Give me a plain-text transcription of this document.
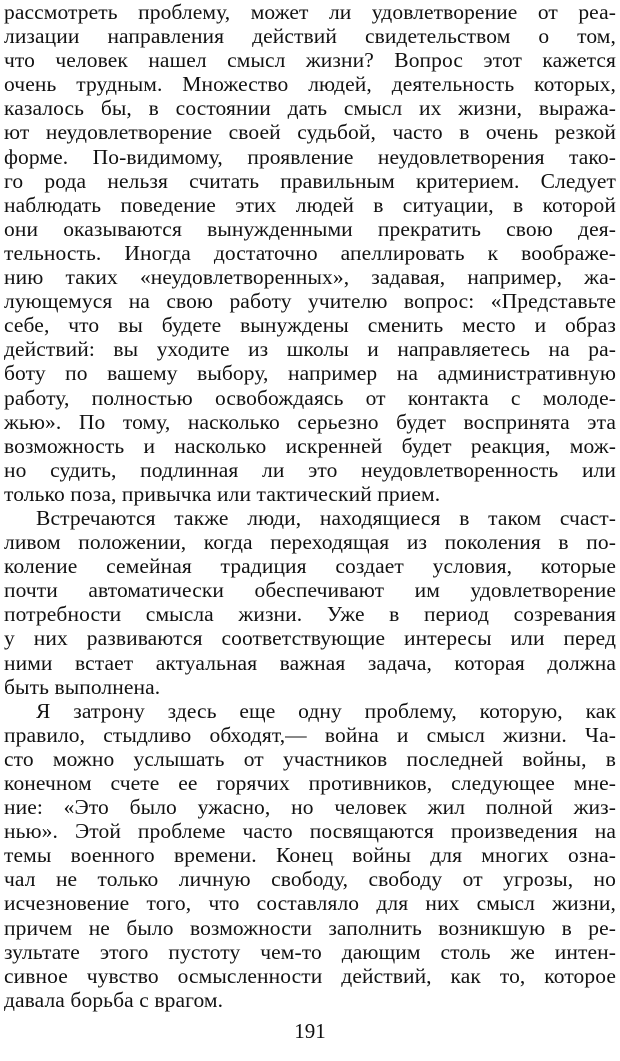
рассмотреть проблему, может ли удовлетворение от реа-
лизации направления действий свидетельством о том,
что человек нашел смысл жизни? Вопрос этот кажется
очень трудным. Множество людей, деятельность которых,
казалось бы, в состоянии дать смысл их жизни, выража-
ют неудовлетворение своей судьбой, часто в очень резкой
форме. По-видимому, проявление неудовлетворения тако-
го рода нельзя считать правильным критерием. Следует
наблюдать поведение этих людей в ситуации, в которой
они оказываются вынужденными прекратить свою дея-
тельность. Иногда достаточно апеллировать к воображе-
нию таких «неудовлетворенных», задавая, например, жа-
лующемуся на свою работу учителю вопрос: «Представьте
себе, что вы будете вынуждены сменить место и образ
действий: вы уходите из школы и направляетесь на ра-
боту по вашему выбору, например на административную
работу, полностью освобождаясь от контакта с молоде-
жью». По тому, насколько серьезно будет воспринята эта
возможность и насколько искренней будет реакция, мож-
но судить, подлинная ли это неудовлетворенность или
только поза, привычка или тактический прием.
Встречаются также люди, находящиеся в таком счаст-
ливом положении, когда переходящая из поколения в по-
коление семейная традиция создает условия, которые
почти автоматически обеспечивают им удовлетворение
потребности смысла жизни. Уже в период созревания
у них развиваются соответствующие интересы или перед
ними встает актуальная важная задача, которая должна
быть выполнена.
Я затрону здесь еще одну проблему, которую, как
правило, стыдливо обходят,— война и смысл жизни. Ча-
сто можно услышать от участников последней войны, в
конечном счете ее горячих противников, следующее мне-
ние: «Это было ужасно, но человек жил полной жиз-
нью». Этой проблеме часто посвящаются произведения на
темы военного времени. Конец войны для многих озна-
чал не только личную свободу, свободу от угрозы, но
исчезновение того, что составляло для них смысл жизни,
причем не было возможности заполнить возникшую в ре-
зультате этого пустоту чем-то дающим столь же интен-
сивное чувство осмысленности действий, как то, которое
давала борьба с врагом.
191
